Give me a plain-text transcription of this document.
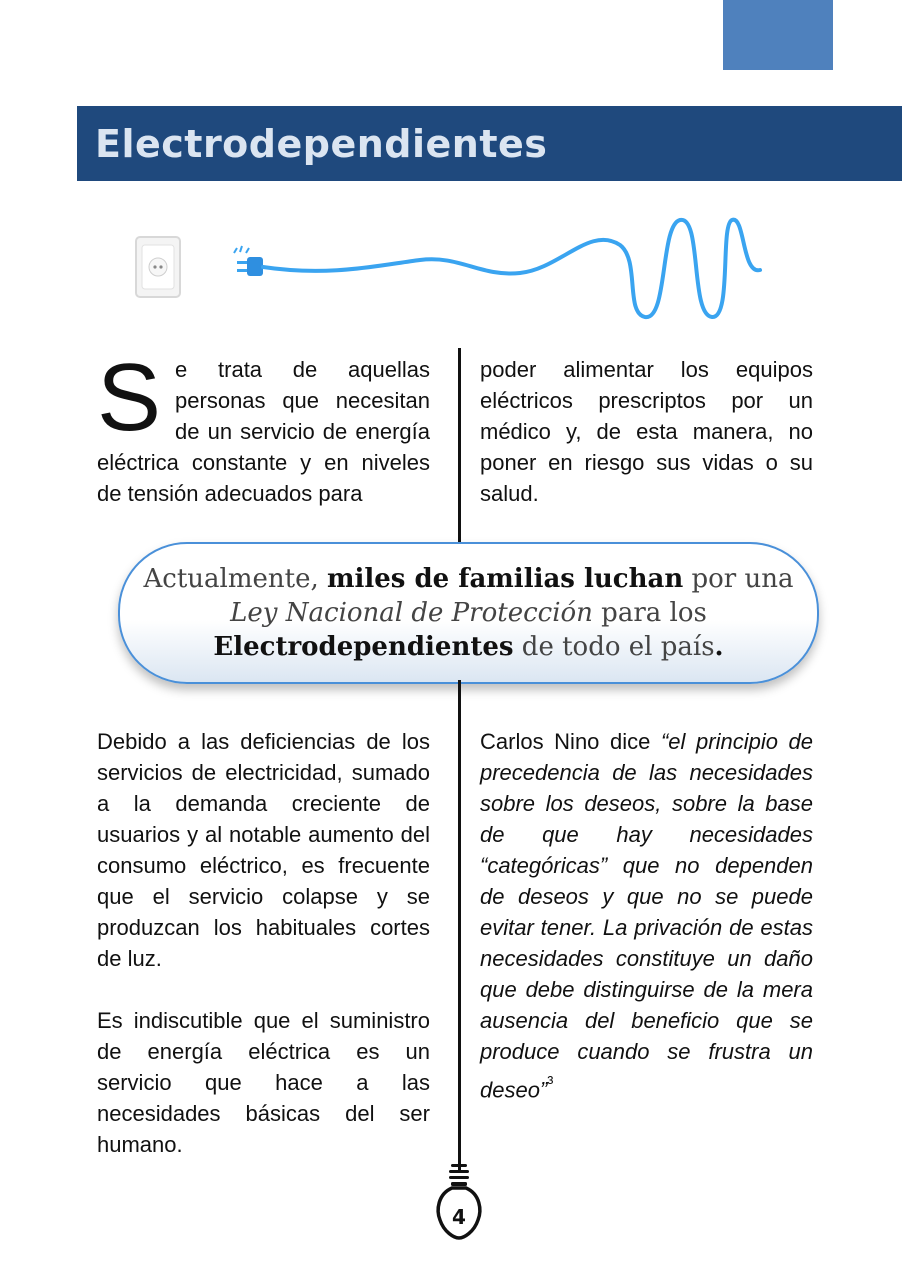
Electrodependientes
S e trata de aquellas personas que necesitan de un servicio de energía eléctrica constante y en niveles de tensión adecuados para

poder alimentar los equipos eléctricos prescriptos por un médico y, de esta manera, no poner en riesgo sus vidas o su salud.

Actualmente, miles de familias luchan por una Ley Nacional de Protección para los Electrodependientes de todo el país.

Debido a las deficiencias de los servicios de electricidad, sumado a la demanda creciente de usuarios y al notable aumento del consumo eléctrico, es frecuente que el servicio colapse y se produzcan los habituales cortes de luz.

Es indiscutible que el suministro de energía eléctrica es un servicio que hace a las necesidades básicas del ser humano.

Carlos Nino dice “el principio de precedencia de las necesidades sobre los deseos, sobre la base de que hay necesidades “categóricas” que no dependen de deseos y que no se puede evitar tener. La privación de estas necesidades constituye un daño que debe distinguirse de la mera ausencia del beneficio que se produce cuando se frustra un deseo”$^{^3}$

4
